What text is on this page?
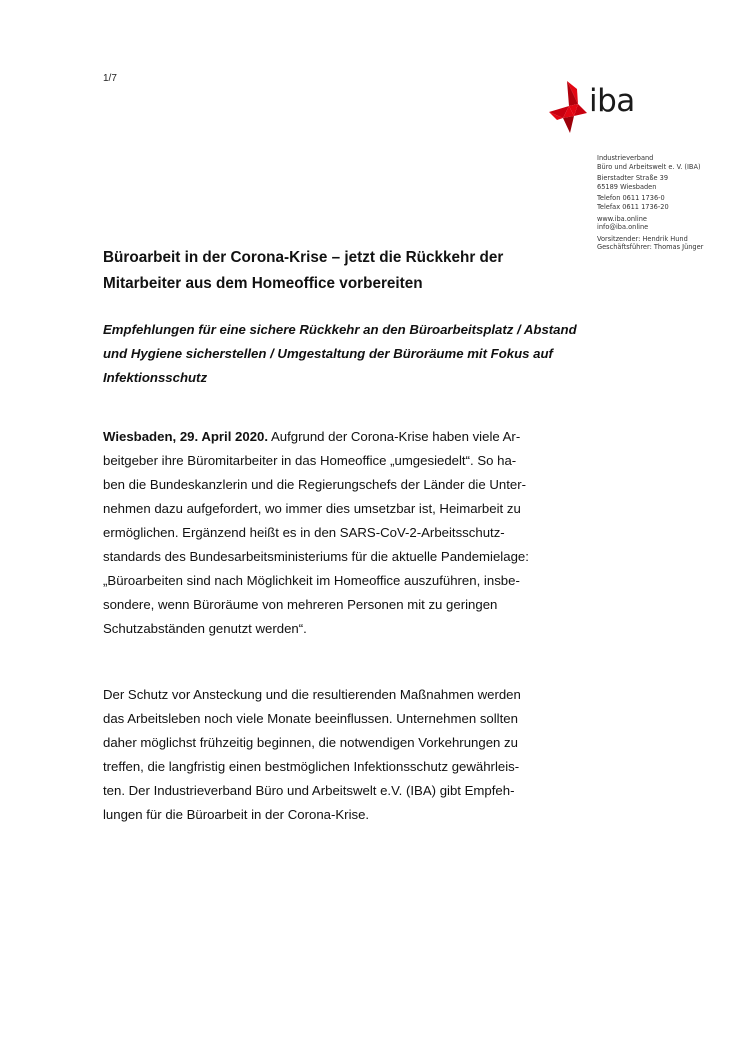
1/7
iba
Industrieverband
Büro und Arbeitswelt e. V. (IBA)
Bierstadter Straße 39
65189 Wiesbaden
Telefon 0611 1736-0
Telefax 0611 1736-20
www.iba.online
info@iba.online
Vorsitzender: Hendrik Hund
Geschäftsführer: Thomas Jünger
Büroarbeit in der Corona-Krise – jetzt die Rückkehr der Mitarbeiter aus dem Homeoffice vorbereiten

Empfehlungen für eine sichere Rückkehr an den Büroarbeitsplatz / Abstand und Hygiene sicherstellen / Umgestaltung der Büroräume mit Fokus auf Infektionsschutz

Wiesbaden, 29. April 2020. Aufgrund der Corona-Krise haben viele Ar-
beitgeber ihre Büromitarbeiter in das Homeoffice „umgesiedelt“. So ha-
ben die Bundeskanzlerin und die Regierungschefs der Länder die Unter-
nehmen dazu aufgefordert, wo immer dies umsetzbar ist, Heimarbeit zu
ermöglichen. Ergänzend heißt es in den SARS-CoV-2-Arbeitsschutz-
standards des Bundesarbeitsministeriums für die aktuelle Pandemielage:
„Büroarbeiten sind nach Möglichkeit im Homeoffice auszuführen, insbe-
sondere, wenn Büroräume von mehreren Personen mit zu geringen
Schutzabständen genutzt werden“.

Der Schutz vor Ansteckung und die resultierenden Maßnahmen werden
das Arbeitsleben noch viele Monate beeinflussen. Unternehmen sollten
daher möglichst frühzeitig beginnen, die notwendigen Vorkehrungen zu
treffen, die langfristig einen bestmöglichen Infektionsschutz gewährleis-
ten. Der Industrieverband Büro und Arbeitswelt e.V. (IBA) gibt Empfeh-
lungen für die Büroarbeit in der Corona-Krise.
